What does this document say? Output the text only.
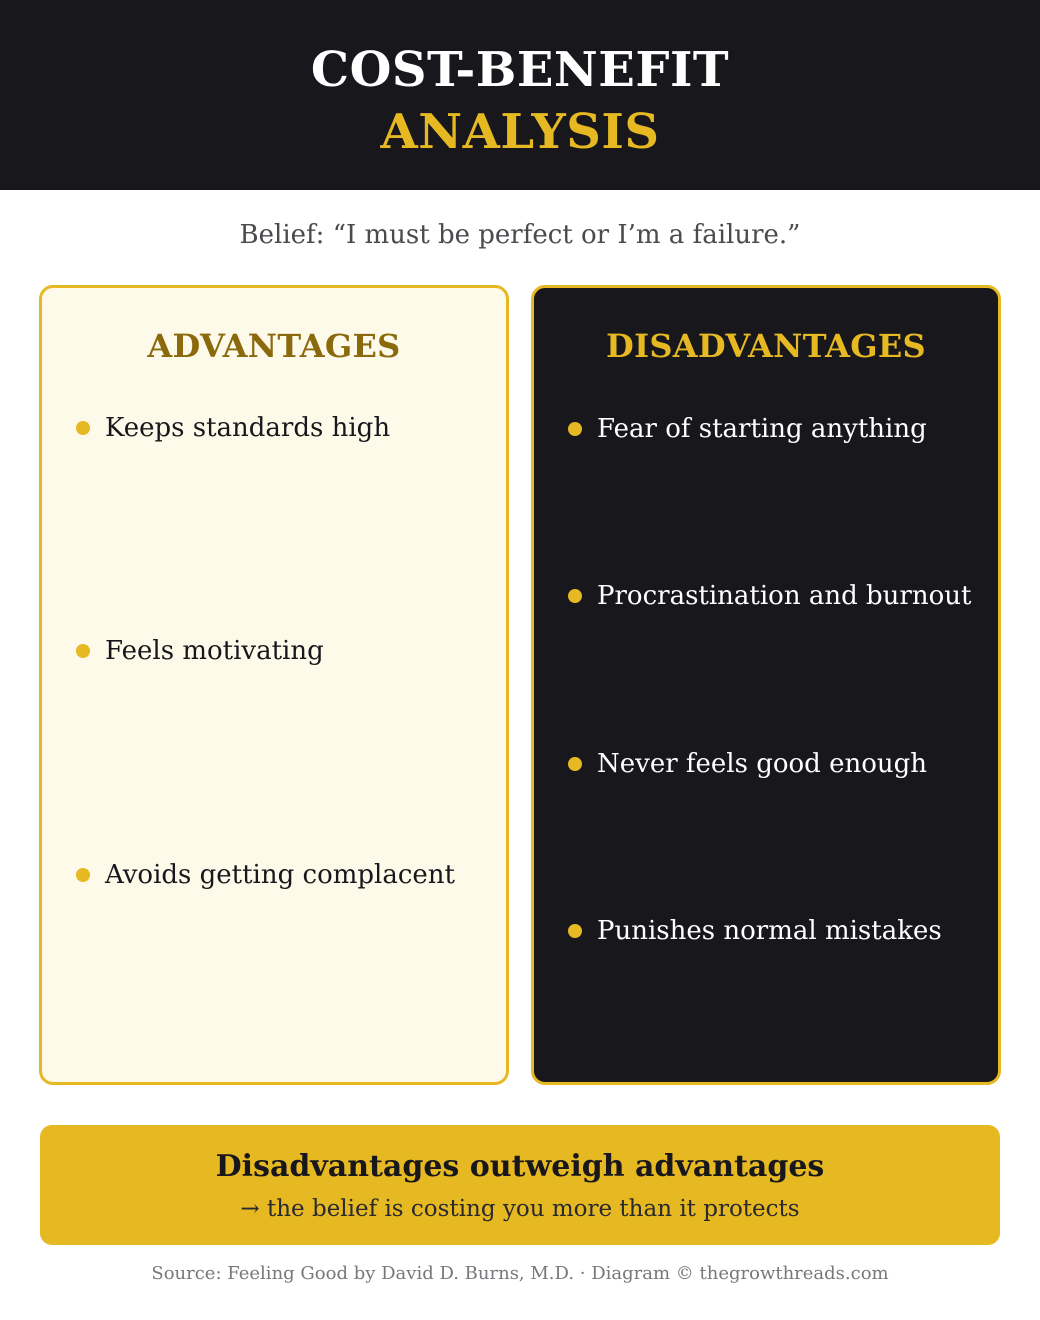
COST-BENEFIT
ANALYSIS
Belief: “I must be perfect or I’m a failure.”
ADVANTAGES
Keeps standards high
Feels motivating
Avoids getting complacent
DISADVANTAGES
Fear of starting anything
Procrastination and burnout
Never feels good enough
Punishes normal mistakes
Disadvantages outweigh advantages
→ the belief is costing you more than it protects
Source: Feeling Good by David D. Burns, M.D. · Diagram © thegrowthreads.com
